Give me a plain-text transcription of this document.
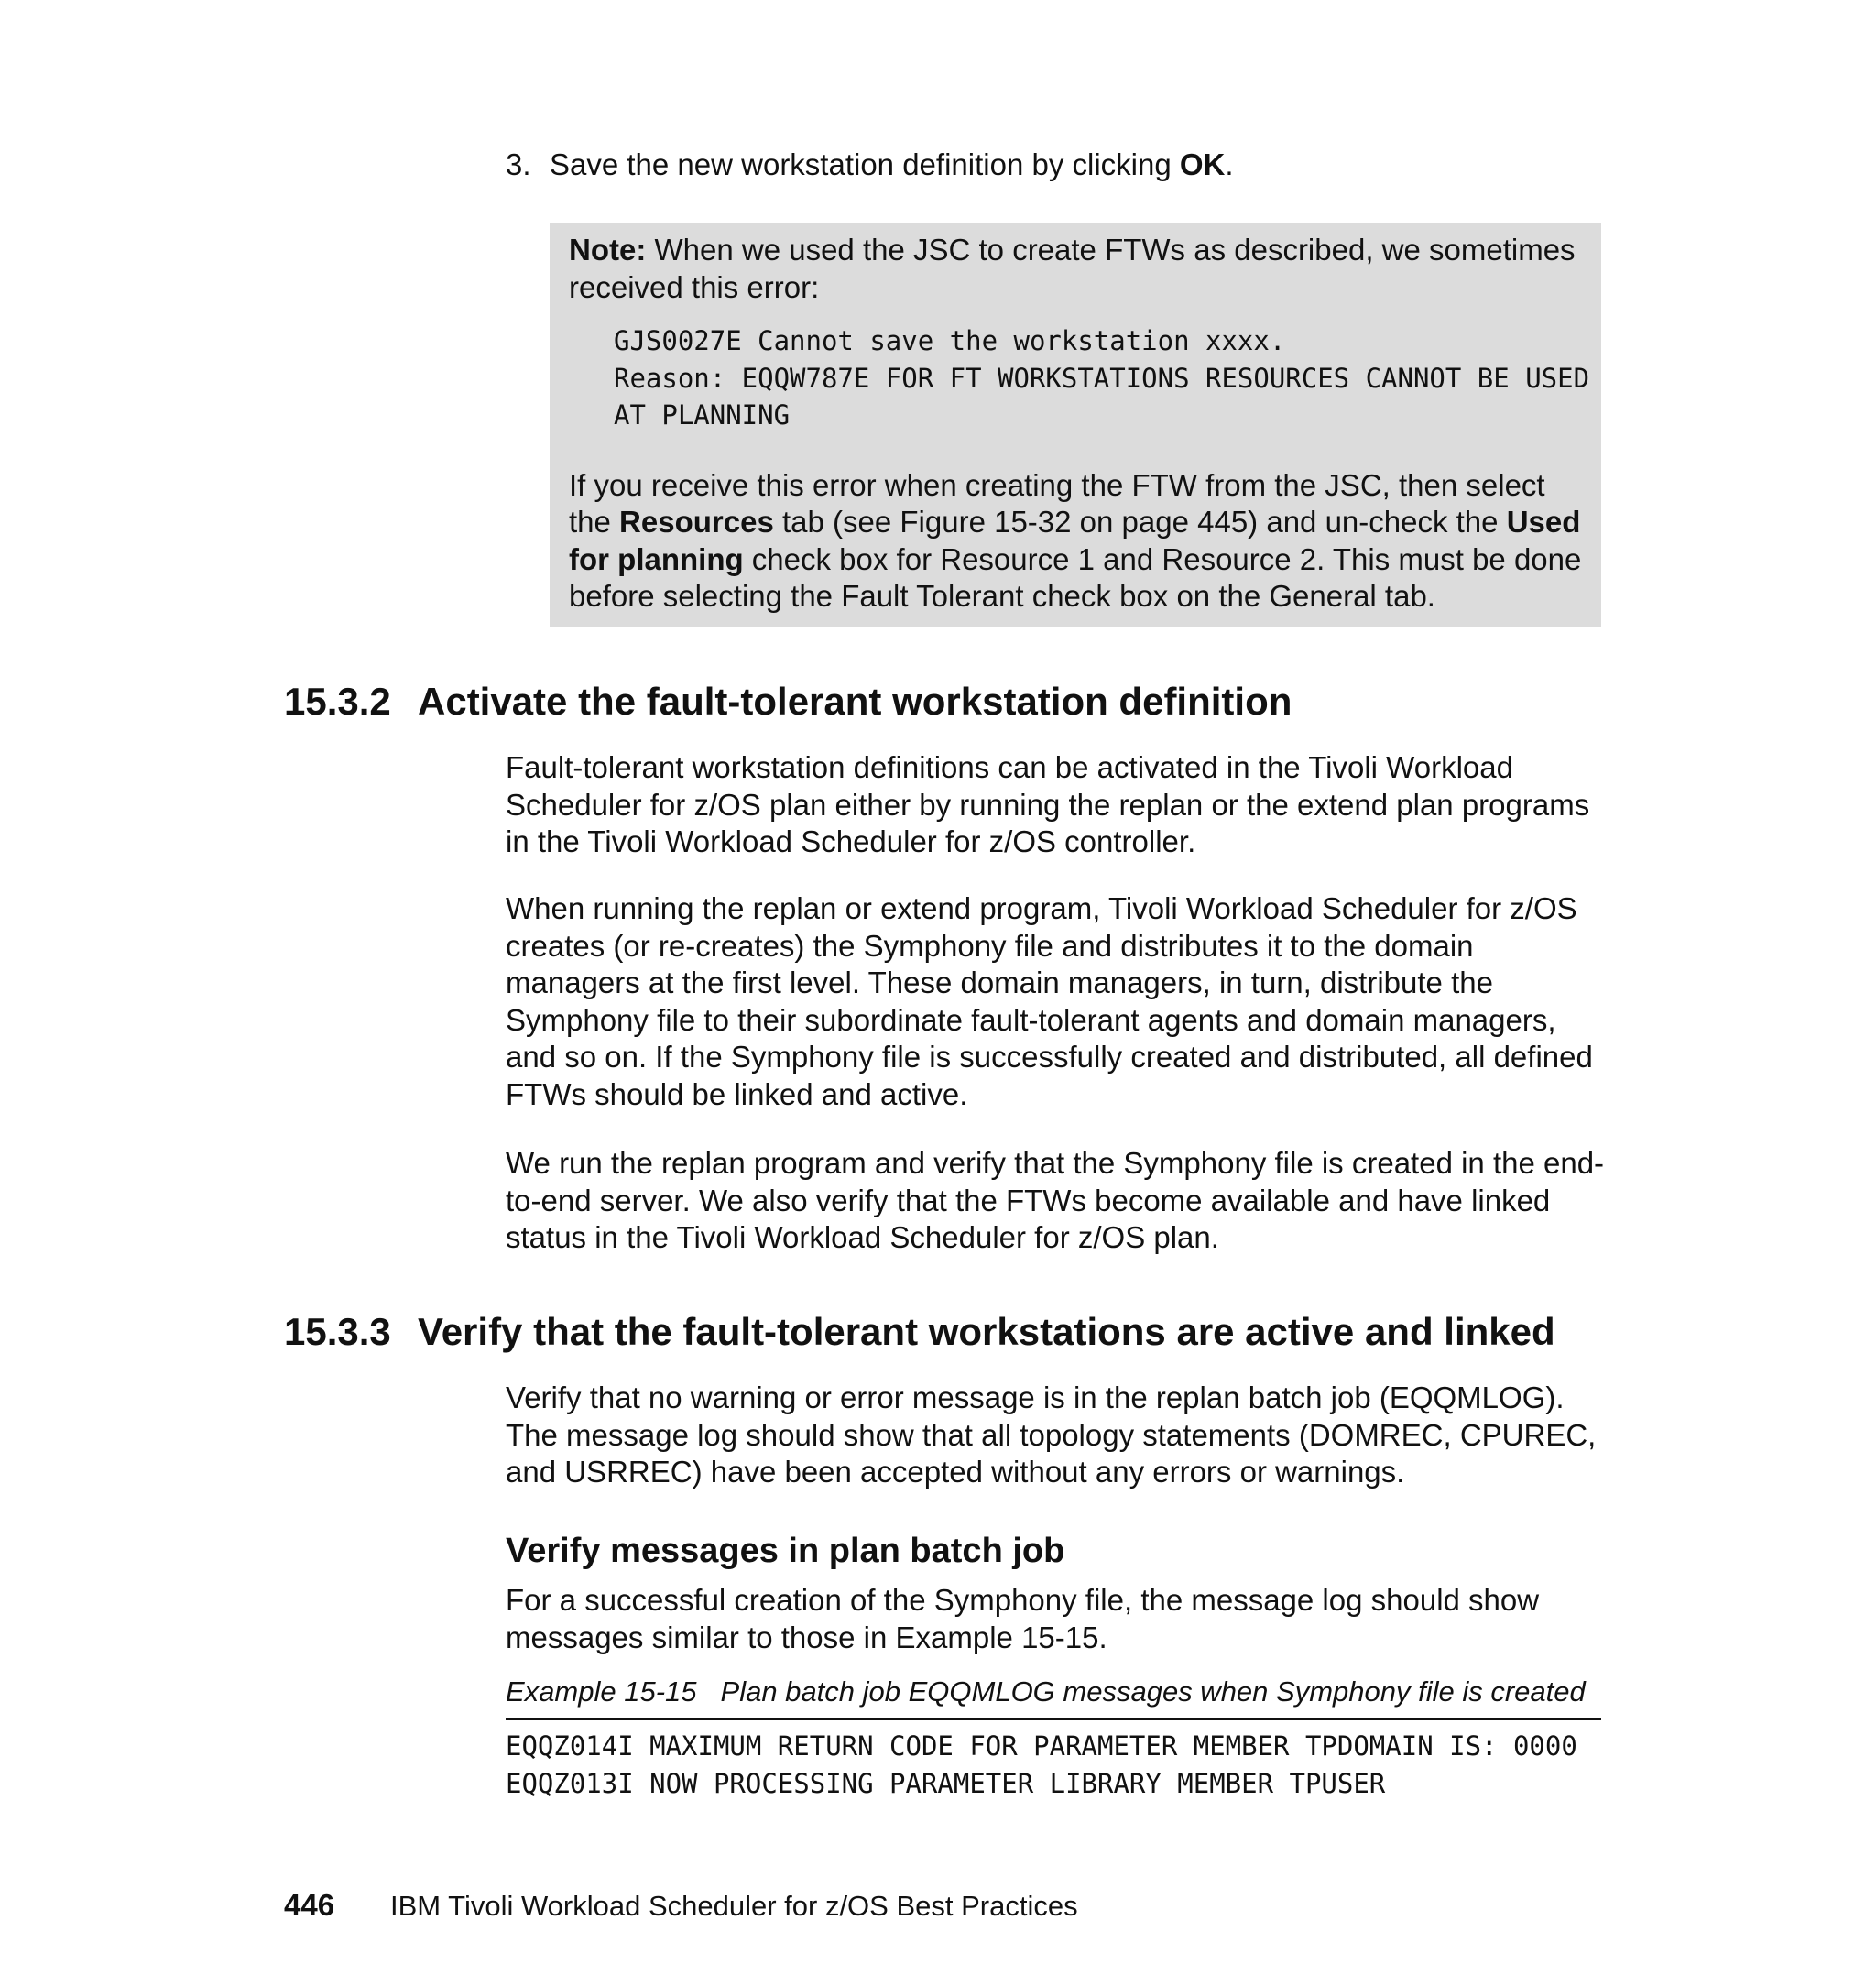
3. Save the new workstation definition by clicking OK.

Note: When we used the JSC to create FTWs as described, we sometimes received this error:

GJS0027E Cannot save the workstation xxxx.
Reason: EQQW787E FOR FT WORKSTATIONS RESOURCES CANNOT BE USED
AT PLANNING

If you receive this error when creating the FTW from the JSC, then select the Resources tab (see Figure 15-32 on page 445) and un-check the Used for planning check box for Resource 1 and Resource 2. This must be done before selecting the Fault Tolerant check box on the General tab.

15.3.2 Activate the fault-tolerant workstation definition

Fault-tolerant workstation definitions can be activated in the Tivoli Workload Scheduler for z/OS plan either by running the replan or the extend plan programs in the Tivoli Workload Scheduler for z/OS controller.

When running the replan or extend program, Tivoli Workload Scheduler for z/OS creates (or re-creates) the Symphony file and distributes it to the domain managers at the first level. These domain managers, in turn, distribute the Symphony file to their subordinate fault-tolerant agents and domain managers, and so on. If the Symphony file is successfully created and distributed, all defined FTWs should be linked and active.

We run the replan program and verify that the Symphony file is created in the end-to-end server. We also verify that the FTWs become available and have linked status in the Tivoli Workload Scheduler for z/OS plan.

15.3.3 Verify that the fault-tolerant workstations are active and linked

Verify that no warning or error message is in the replan batch job (EQQMLOG). The message log should show that all topology statements (DOMREC, CPUREC, and USRREC) have been accepted without any errors or warnings.

Verify messages in plan batch job

For a successful creation of the Symphony file, the message log should show messages similar to those in Example 15-15.

Example 15-15 Plan batch job EQQMLOG messages when Symphony file is created
EQQZ014I MAXIMUM RETURN CODE FOR PARAMETER MEMBER TPDOMAIN IS: 0000
EQQZ013I NOW PROCESSING PARAMETER LIBRARY MEMBER TPUSER
446 IBM Tivoli Workload Scheduler for z/OS Best Practices
